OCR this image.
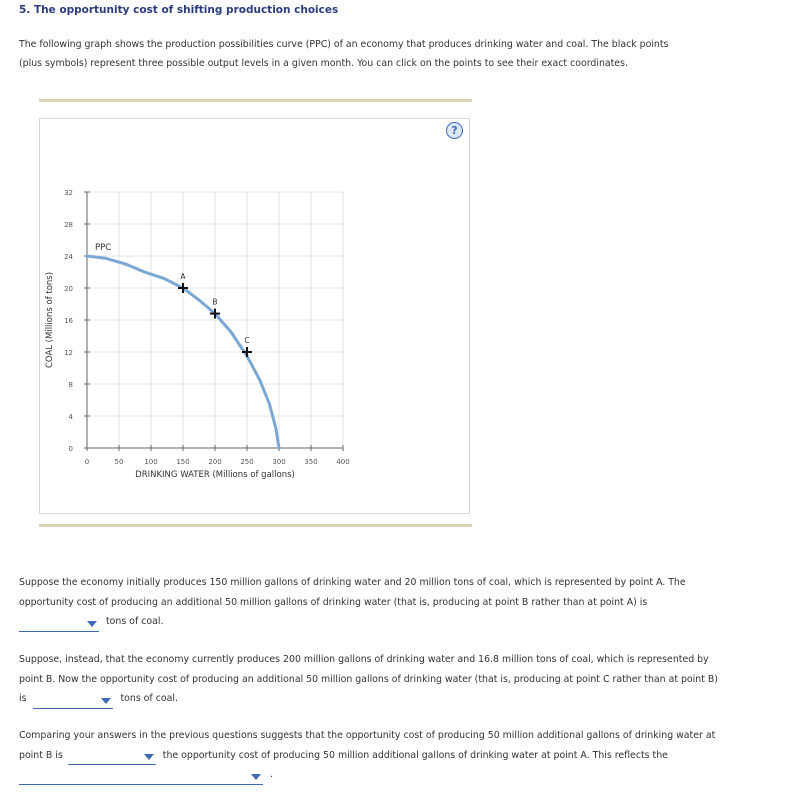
5. The opportunity cost of shifting production choices
The following graph shows the production possibilities curve (PPC) of an economy that produces drinking water and coal. The black points
(plus symbols) represent three possible output levels in a given month. You can click on the points to see their exact coordinates.
?
0
4
8
12
16
20
24
28
32
0	50	100	150	200	250	300	350	400
A
B
C
COAL (Millions of tons)
DRINKING WATER (Millions of gallons)
PPC
Suppose the economy initially produces 150 million gallons of drinking water and 20 million tons of coal, which is represented by point A. The
opportunity cost of producing an additional 50 million gallons of drinking water (that is, producing at point B rather than at point A) is
tons of coal.
Suppose, instead, that the economy currently produces 200 million gallons of drinking water and 16.8 million tons of coal, which is represented by
point B. Now the opportunity cost of producing an additional 50 million gallons of drinking water (that is, producing at point C rather than at point B)
is	tons of coal.
Comparing your answers in the previous questions suggests that the opportunity cost of producing 50 million additional gallons of drinking water at
point B is	the opportunity cost of producing 50 million additional gallons of drinking water at point A. This reflects the
.
